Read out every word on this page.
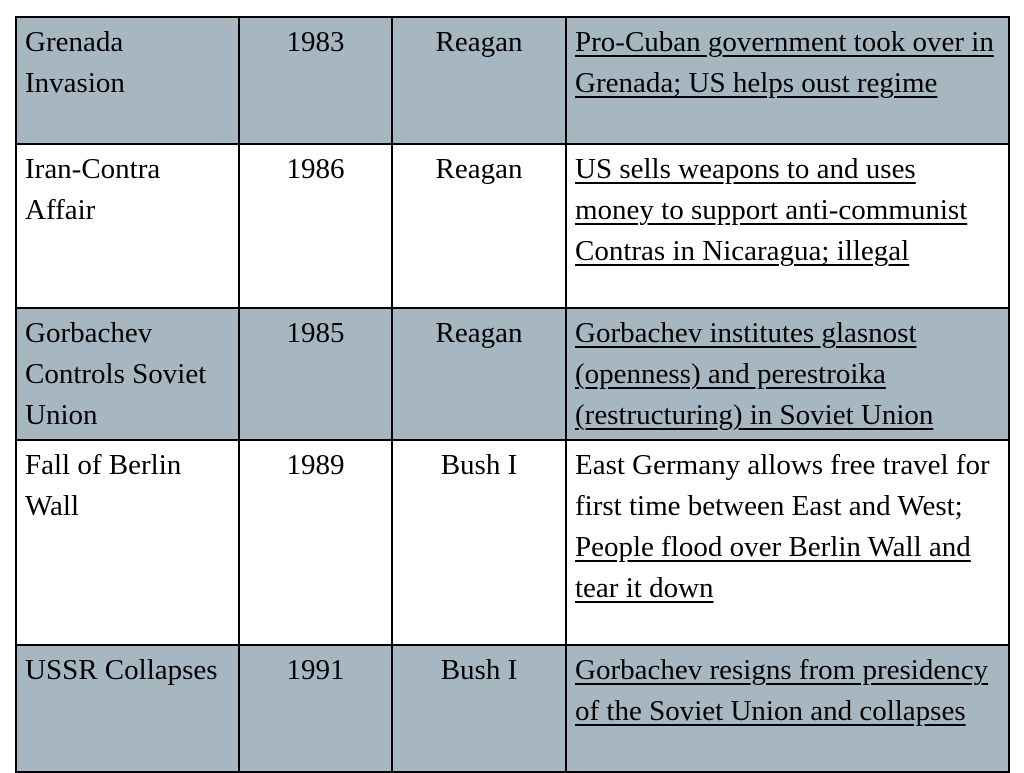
Grenada Invasion	1983	Reagan	Pro-Cuban government took over in Grenada; US helps oust regime
Iran-Contra Affair	1986	Reagan	US sells weapons to and uses money to support anti-communist Contras in Nicaragua; illegal
Gorbachev Controls Soviet Union	1985	Reagan	Gorbachev institutes glasnost (openness) and perestroika (restructuring) in Soviet Union
Fall of Berlin Wall	1989	Bush I	East Germany allows free travel for first time between East and West; People flood over Berlin Wall and tear it down
USSR Collapses	1991	Bush I	Gorbachev resigns from presidency of the Soviet Union and collapses
